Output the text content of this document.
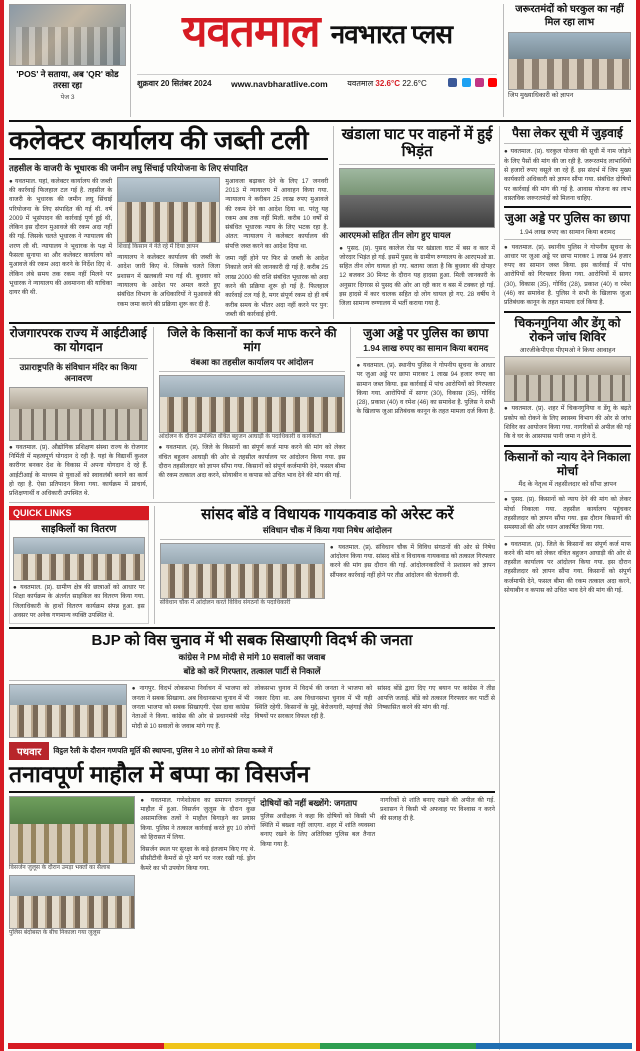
'POS' ने सताया, अब 'QR' कोड तरसा रहा
पेज 3
यवतमाल नवभारत प्लस
शुक्रवार 20 सितंबर 2024 www.navbharatlive.com यवतमाल 32.6°C 22.6°C

जरूरतमंदों को घरकुल का नहीं मिल रहा लाभ
जिप मुख्याधिकारी को ज्ञापन
कलेक्टर कार्यालय की जब्ती टली
तहसील के वाजरी के भूधारक की जमीन लघु सिंचाई परियोजना के लिए संपादित
● यवतमाल. यहां, कलेक्टर कार्यालय की जब्ती की कार्रवाई फिलहाल टल गई है. तहसील के वाजरी के भूधारक की जमीन लघु सिंचाई परियोजना के लिए संपादित की गई थी. वर्ष 2009 में भूसंपादन की कार्रवाई पूर्ण हुई थी, लेकिन इस दौरान मुआवजे की रकम अदा नहीं की गई. जिसके चलते भूधारक ने न्यायालय की शरण ली थी. न्यायालय ने भूधारक के पक्ष में फैसला सुनाया था और कलेक्टर कार्यालय को मुआवजे की रकम अदा करने के निर्देश दिए थे. लेकिन लंबे समय तक रकम नहीं मिलने पर भूधारक ने न्यायालय की अवमानना की याचिका दायर की थी.
शिवाई किसान ने नेते रहे में दिया ज्ञापन
न्यायालय ने कलेक्टर कार्यालय की जब्ती के आदेश जारी किए थे. जिसके चलते जिला प्रशासन में खलबली मच गई थी. बुधवार को न्यायालय के आदेश पर अमल करते हुए संबंधित विभाग के अधिकारियों ने मुआवजे की रकम जमा करने की प्रक्रिया शुरू कर दी है.
मुआवजा बढ़ाकर देने के लिए 17 जनवरी 2013 में न्यायालय में आवाहन किया गया. न्यायालय ने करीबन 25 लाख रुपए मुआवजे की रकम देने का आदेश दिया था. परंतु यह रकम अब तक नहीं मिली. करीब 10 वर्षों से संबंधित भूधारक न्याय के लिए भटक रहा है. अंतत: न्यायालय ने कलेक्टर कार्यालय की संपत्ति जब्त करने का आदेश दिया था.
जमा नहीं होने पर फिर से जब्ती के आदेश निकाले जाने की जानकारी दी गई है. करीब 25 लाख 2000 की राशि संबंधित भूधारक को अदा करने की प्रक्रिया शुरू हो गई है. फिलहाल कार्रवाई टल गई है, मगर संपूर्ण रकम दो ही वर्ष करीब समय के भीतर अदा नहीं करने पर पुन: जब्ती की कार्रवाई होगी.
खंडाला घाट पर वाहनों में हुई भिड़ंत
आरएमओ सहित तीन लोग हुए घायल
● पुसद. (प्र). पुसद कालेज रोड पर खंडाला घाट में बस व कार में जोरदार भिड़ंत हो गई. इसमें पुसद के ग्रामीण रुग्णालय के आरएमओ डा. सहित तीन लोग घायल हो गए. बताया जाता है कि बुधवार की दोपहर 12 बजकर 30 मिनट के दौरान यह हादसा हुआ. मिली जानकारी के अनुसार दिगरस से पुसद की ओर आ रही कार व बस में टक्कर हो गई. इस हादसे में कार चालक सहित दो लोग घायल हो गए. 28 वर्षीय ने जिला सामान्य रुग्णालय में भर्ती कराया गया है.
रोजगारपरक राज्य में आईटीआई का योगदान
उप्राराष्ट्रपति के संविधान मंदिर का किया अनावरण
● यवतमाल. (प्र). औद्योगिक प्रशिक्षण संस्था राज्य के रोजगार निर्मिती में महत्वपूर्ण योगदान दे रही है. यहां के विद्यार्थी कुशल कारीगर बनकर देश के विकास में अपना योगदान दे रहे हैं. आईटीआई के माध्यम से युवाओं को स्वावलंबी बनाने का कार्य हो रहा है. ऐसा प्रतिपादन किया गया. कार्यक्रम में प्राचार्य, प्रशिक्षणार्थी व अधिकारी उपस्थित थे.
जिले के किसानों का कर्ज माफ करने की मांग
वंबआ का तहसील कार्यालय पर आंदोलन
आंदोलन के दौरान उपस्थित वंचित बहुजन आघाड़ी के पदाधिकारी व कार्यकर्ता
● यवतमाल. (प्र). जिले के किसानों का संपूर्ण कर्ज माफ करने की मांग को लेकर वंचित बहुजन आघाड़ी की ओर से तहसील कार्यालय पर आंदोलन किया गया. इस दौरान तहसीलदार को ज्ञापन सौंपा गया. किसानों को संपूर्ण कर्जमाफी देने, फसल बीमा की रकम तत्काल अदा करने, सोयाबीन व कपास को उचित भाव देने की मांग की गई.
जुआ अड्डे पर पुलिस का छापा
1.94 लाख रुपए का सामान किया बरामद
● यवतमाल. (प्र). स्थानीय पुलिस ने गोपनीय सूचना के आधार पर जुआ अड्डे पर छापा मारकर 1 लाख 94 हजार रुपए का सामान जब्त किया. इस कार्रवाई में पांच आरोपियों को गिरफ्तार किया गया. आरोपियों में सागर (30), विकास (35), गोविंद (28), प्रकाश (40) व रमेश (46) का समावेश है. पुलिस ने सभी के खिलाफ जुआ प्रतिबंधक कानून के तहत मामला दर्ज किया है.
QUICK LINKS
साइकिलों का वितरण
● यवतमाल. (प्र). ग्रामीण क्षेत्र की छात्राओं को आधार पर शिक्षा कार्यक्रम के अंतर्गत साइकिल का वितरण किया गया. जिलाधिकारी के हाथों वितरण कार्यक्रम संपन्न हुआ. इस अवसर पर अनेक गणमान्य व्यक्ति उपस्थित थे.
सांसद बोंडे व विधायक गायकवाड को अरेस्ट करें
संविधान चौक में किया गया निषेध आंदोलन
संविधान चौक में आंदोलन करते विविध संगठनों के पदाधिकारी
● यवतमाल. (प्र). संविधान चौक में विविध संगठनों की ओर से निषेध आंदोलन किया गया. सांसद बोंडे व विधायक गायकवाड को तत्काल गिरफ्तार करने की मांग इस दौरान की गई. आंदोलनकारियों ने प्रशासन को ज्ञापन सौंपकर कार्रवाई नहीं होने पर तीव्र आंदोलन की चेतावनी दी.
BJP को विस चुनाव में भी सबक सिखाएगी विदर्भ की जनता
कांग्रेस ने PM मोदी से मांगे 10 सवालों का जवाब
बोंडे को करें गिरफ्तार, तत्काल पार्टी से निकालें
● नागपुर. विदर्भ लोकसभा निर्वाचन में भाजपा को जनता ने सबक सिखाया. अब विधानसभा चुनाव में भी जनता भाजपा को सबक सिखाएगी. ऐसा दावा कांग्रेस नेताओं ने किया. कांग्रेस की ओर से प्रधानमंत्री नरेंद्र मोदी से 10 सवालों के जवाब मांगे गए हैं.
लोकसभा चुनाव में विदर्भ की जनता ने भाजपा को नकार दिया था. अब विधानसभा चुनाव में भी यही स्थिति रहेगी. किसानों के मुद्दे, बेरोजगारी, महंगाई जैसे विषयों पर सरकार विफल रही है.
सांसद बोंडे द्वारा दिए गए बयान पर कांग्रेस ने तीव्र आपत्ति जताई. बोंडे को तत्काल गिरफ्तार कर पार्टी से निष्कासित करने की मांग की गई.
पथवार	विट्ठल रैली के दौरान गणपति मूर्ति की स्थापना, पुलिस ने 10 लोगों को लिया कब्जे में
तनावपूर्ण माहौल में बप्पा का विसर्जन
विसर्जन जुलूस के दौरान उमड़ा भक्तों का सैलाब
पुलिस बंदोबस्त के बीच निकाला गया जुलूस
● यवतमाल. गणेशोत्सव का समापन तनावपूर्ण माहौल में हुआ. विसर्जन जुलूस के दौरान कुछ असामाजिक तत्वों ने माहौल बिगाड़ने का प्रयास किया. पुलिस ने तत्काल कार्रवाई करते हुए 10 लोगों को हिरासत में लिया.
विसर्जन स्थल पर सुरक्षा के कड़े इंतजाम किए गए थे. सीसीटीवी कैमरों से पूरे मार्ग पर नजर रखी गई. ड्रोन कैमरे का भी उपयोग किया गया.
दोषियों को नहीं बख्शेंगे: जगताप
पुलिस अधीक्षक ने कहा कि दोषियों को किसी भी स्थिति में बख्शा नहीं जाएगा. शहर में शांति व्यवस्था बनाए रखने के लिए अतिरिक्त पुलिस बल तैनात किया गया है.
नागरिकों से शांति बनाए रखने की अपील की गई. प्रशासन ने किसी भी अफवाह पर विश्वास न करने की सलाह दी है.
पैसा लेकर सूची में जुड़वाई
● यवतमाल. (प्र). घरकुल योजना की सूची में नाम जोड़ने के लिए पैसों की मांग की जा रही है. जरूरतमंद लाभार्थियों से हजारों रुपए वसूले जा रहे हैं. इस संदर्भ में जिप मुख्य कार्यकारी अधिकारी को ज्ञापन सौंपा गया. संबंधित दोषियों पर कार्रवाई की मांग की गई है. आवास योजना का लाभ वास्तविक जरूरतमंदों को मिलना चाहिए.
जुआ अड्डे पर पुलिस का छापा
1.94 लाख रुपए का सामान किया बरामद
● यवतमाल. (प्र). स्थानीय पुलिस ने गोपनीय सूचना के आधार पर जुआ अड्डे पर छापा मारकर 1 लाख 94 हजार रुपए का सामान जब्त किया. इस कार्रवाई में पांच आरोपियों को गिरफ्तार किया गया. आरोपियों में सागर (30), विकास (35), गोविंद (28), प्रकाश (40) व रमेश (46) का समावेश है. पुलिस ने सभी के खिलाफ जुआ प्रतिबंधक कानून के तहत मामला दर्ज किया है.
चिकनगुनिया और डेंगू को रोकने जांच शिविर
आरजीकेपीएस पीएमओ ने किया आवाहन
● यवतमाल. (प्र). शहर में चिकनगुनिया व डेंगू के बढ़ते प्रकोप को रोकने के लिए स्वास्थ्य विभाग की ओर से जांच शिविर का आयोजन किया गया. नागरिकों से अपील की गई कि वे घर के आसपास पानी जमा न होने दें.
किसानों को न्याय देने निकाला मोर्चा
मैंद के नेतृत्व में तहसीलदार को सौंपा ज्ञापन
● पुसद. (प्र). किसानों को न्याय देने की मांग को लेकर मोर्चा निकाला गया. तहसील कार्यालय पहुंचकर तहसीलदार को ज्ञापन सौंपा गया. इस दौरान किसानों की समस्याओं की ओर ध्यान आकर्षित किया गया.
● यवतमाल. (प्र). जिले के किसानों का संपूर्ण कर्ज माफ करने की मांग को लेकर वंचित बहुजन आघाड़ी की ओर से तहसील कार्यालय पर आंदोलन किया गया. इस दौरान तहसीलदार को ज्ञापन सौंपा गया. किसानों को संपूर्ण कर्जमाफी देने, फसल बीमा की रकम तत्काल अदा करने, सोयाबीन व कपास को उचित भाव देने की मांग की गई.
